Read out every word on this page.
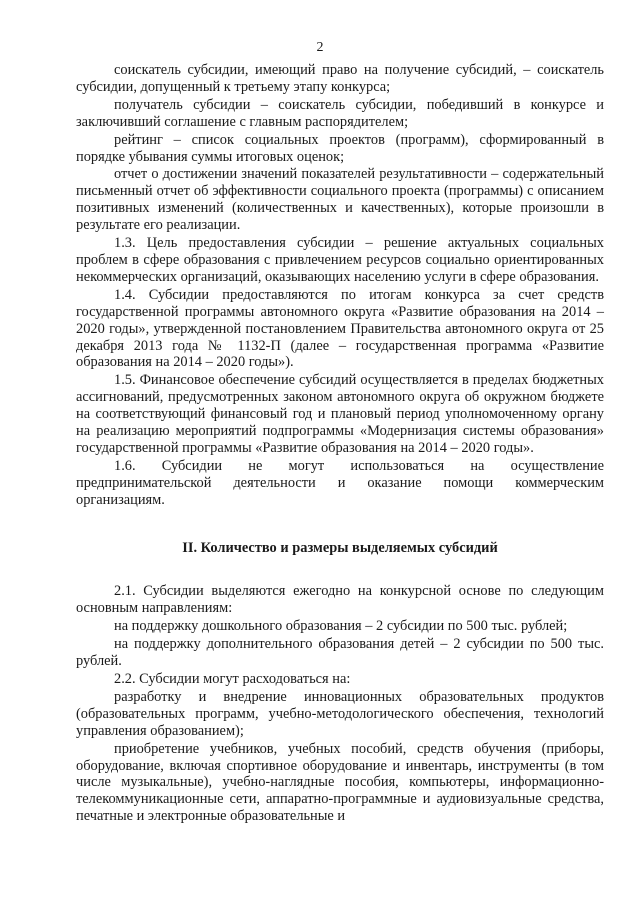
2

соискатель субсидии, имеющий право на получение субсидий, – соискатель субсидии, допущенный к третьему этапу конкурса;

получатель субсидии – соискатель субсидии, победивший в конкурсе и заключивший соглашение с главным распорядителем;

рейтинг – список социальных проектов (программ), сформированный в порядке убывания суммы итоговых оценок;

отчет о достижении значений показателей результативности – содержательный письменный отчет об эффективности социального проекта (программы) с описанием позитивных изменений (количественных и качественных), которые произошли в результате его реализации.

1.3. Цель предоставления субсидии – решение актуальных социальных проблем в сфере образования с привлечением ресурсов социально ориентированных некоммерческих организаций, оказывающих населению услуги в сфере образования.

1.4. Субсидии предоставляются по итогам конкурса за счет средств государственной программы автономного округа «Развитие образования на 2014 – 2020 годы», утвержденной постановлением Правительства автономного округа от 25 декабря 2013 года № 1132-П (далее – государственная программа «Развитие образования на 2014 – 2020 годы»).

1.5. Финансовое обеспечение субсидий осуществляется в пределах бюджетных ассигнований, предусмотренных законом автономного округа об окружном бюджете на соответствующий финансовый год и плановый период уполномоченному органу на реализацию мероприятий подпрограммы «Модернизация системы образования» государственной программы «Развитие образования на 2014 – 2020 годы».

1.6. Субсидии не могут использоваться на осуществление предпринимательской деятельности и оказание помощи коммерческим организациям.

II. Количество и размеры выделяемых субсидий

2.1. Субсидии выделяются ежегодно на конкурсной основе по следующим основным направлениям:

на поддержку дошкольного образования – 2 субсидии по 500 тыс. рублей;

на поддержку дополнительного образования детей – 2 субсидии по 500 тыс. рублей.

2.2. Субсидии могут расходоваться на:

разработку и внедрение инновационных образовательных продуктов (образовательных программ, учебно-методологического обеспечения, технологий управления образованием);

приобретение учебников, учебных пособий, средств обучения (приборы, оборудование, включая спортивное оборудование и инвентарь, инструменты (в том числе музыкальные), учебно-наглядные пособия, компьютеры, информационно-телекоммуникационные сети, аппаратно-программные и аудиовизуальные средства, печатные и электронные образовательные и
